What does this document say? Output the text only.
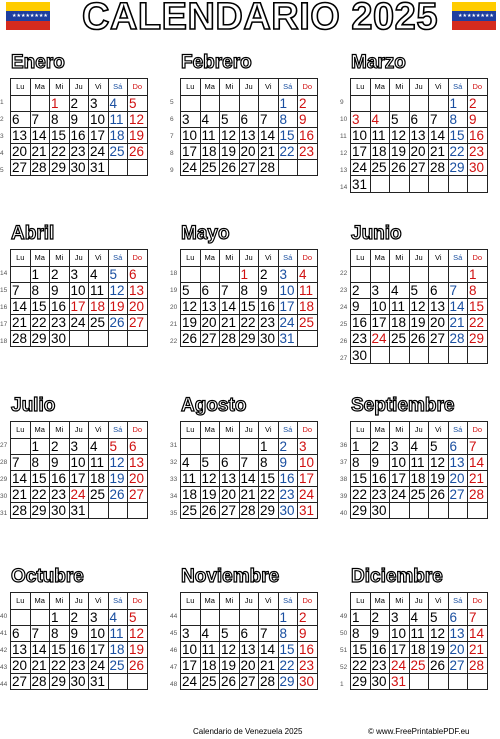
★★★★★★★★ CALENDARIO 2025	★★★★★★★★
Enero
1
2
3
4
5
Lu	Ma	Mi	Ju	Vi	Sá	Do
		1	2	3	4	5
6	7	8	9	10	11	12
13	14	15	16	17	18	19
20	21	22	23	24	25	26
27	28	29	30	31		
Febrero
5
6
7
8
9
Lu	Ma	Mi	Ju	Vi	Sá	Do
					1	2
3	4	5	6	7	8	9
10	11	12	13	14	15	16
17	18	19	20	21	22	23
24	25	26	27	28		
Marzo
9
10
11
12
13
14
Lu	Ma	Mi	Ju	Vi	Sá	Do
					1	2
3	4	5	6	7	8	9
10	11	12	13	14	15	16
17	18	19	20	21	22	23
24	25	26	27	28	29	30
31						
Abril
14
15
16
17
18
Lu	Ma	Mi	Ju	Vi	Sá	Do
	1	2	3	4	5	6
7	8	9	10	11	12	13
14	15	16	17	18	19	20
21	22	23	24	25	26	27
28	29	30				
Mayo
18
19
20
21
22
Lu	Ma	Mi	Ju	Vi	Sá	Do
			1	2	3	4
5	6	7	8	9	10	11
12	13	14	15	16	17	18
19	20	21	22	23	24	25
26	27	28	29	30	31	
Junio
22
23
24
25
26
27
Lu	Ma	Mi	Ju	Vi	Sá	Do
						1
2	3	4	5	6	7	8
9	10	11	12	13	14	15
16	17	18	19	20	21	22
23	24	25	26	27	28	29
30						
Julio
27
28
29
30
31
Lu	Ma	Mi	Ju	Vi	Sá	Do
	1	2	3	4	5	6
7	8	9	10	11	12	13
14	15	16	17	18	19	20
21	22	23	24	25	26	27
28	29	30	31			
Agosto
31
32
33
34
35
Lu	Ma	Mi	Ju	Vi	Sá	Do
				1	2	3
4	5	6	7	8	9	10
11	12	13	14	15	16	17
18	19	20	21	22	23	24
25	26	27	28	29	30	31
Septiembre
36
37
38
39
40
Lu	Ma	Mi	Ju	Vi	Sá	Do
1	2	3	4	5	6	7
8	9	10	11	12	13	14
15	16	17	18	19	20	21
22	23	24	25	26	27	28
29	30					
Octubre
40
41
42
43
44
Lu	Ma	Mi	Ju	Vi	Sá	Do
		1	2	3	4	5
6	7	8	9	10	11	12
13	14	15	16	17	18	19
20	21	22	23	24	25	26
27	28	29	30	31		
Noviembre
44
45
46
47
48
Lu	Ma	Mi	Ju	Vi	Sá	Do
					1	2
3	4	5	6	7	8	9
10	11	12	13	14	15	16
17	18	19	20	21	22	23
24	25	26	27	28	29	30
Diciembre
49
50
51
52
1
Lu	Ma	Mi	Ju	Vi	Sá	Do
1	2	3	4	5	6	7
8	9	10	11	12	13	14
15	16	17	18	19	20	21
22	23	24	25	26	27	28
29	30	31				
Calendario de Venezuela 2025	© www.FreePrintablePDF.eu
